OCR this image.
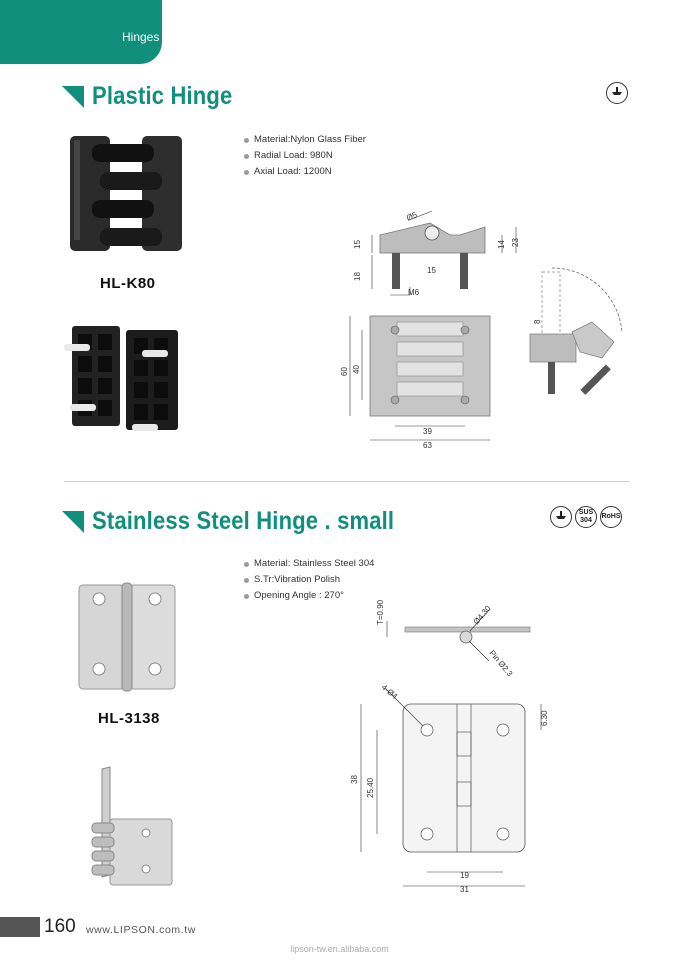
Hinges
Plastic Hinge
Material:Nylon Glass Fiber
Radial Load: 980N
Axial Load: 1200N
HL-K80
15
18
14 23
15
Ø5
M6
60 40
39
63
8
Stainless Steel Hinge . small	SUS
304
RoHS
Material: Stainless Steel 304
S.Tr:Vibration Polish
Opening Angle : 270°
HL-3138
T=0.90	Ø4.30
Pin Ø2.3
38 25.40
19
31
6.30
4-Ø4
160 www.LIPSON.com.tw
lipson-tw.en.alibaba.com
